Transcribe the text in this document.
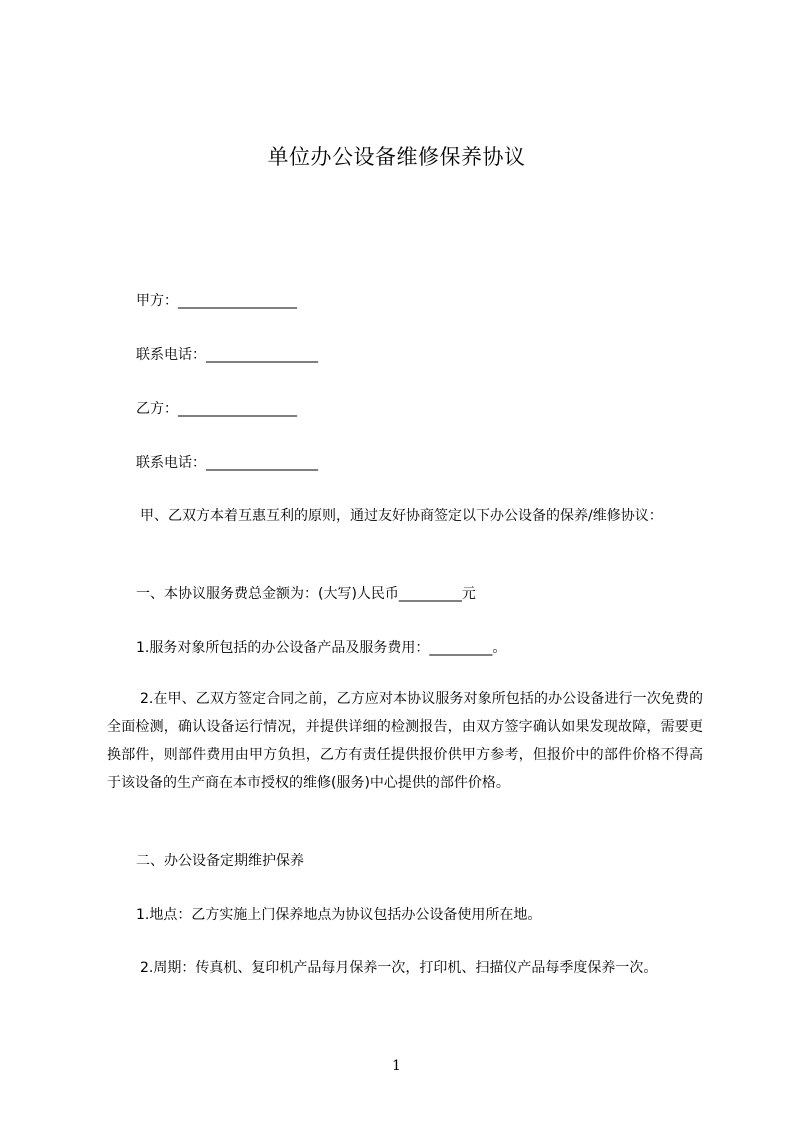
单位办公设备维修保养协议
甲方：_________________
联系电话：________________
乙方：_________________
联系电话：________________
甲、乙双方本着互惠互利的原则，通过友好协商签定以下办公设备的保养/维修协议：
一、本协议服务费总金额为：(大写)人民币_________元
1.服务对象所包括的办公设备产品及服务费用：_________。
2.在甲、乙双方签定合同之前，乙方应对本协议服务对象所包括的办公设备进行一次免费的全面检测，确认设备运行情况，并提供详细的检测报告，由双方签字确认如果发现故障，需要更换部件，则部件费用由甲方负担，乙方有责任提供报价供甲方参考，但报价中的部件价格不得高于该设备的生产商在本市授权的维修(服务)中心提供的部件价格。
二、办公设备定期维护保养
1.地点：乙方实施上门保养地点为协议包括办公设备使用所在地。
2.周期：传真机、复印机产品每月保养一次，打印机、扫描仪产品每季度保养一次。
1
